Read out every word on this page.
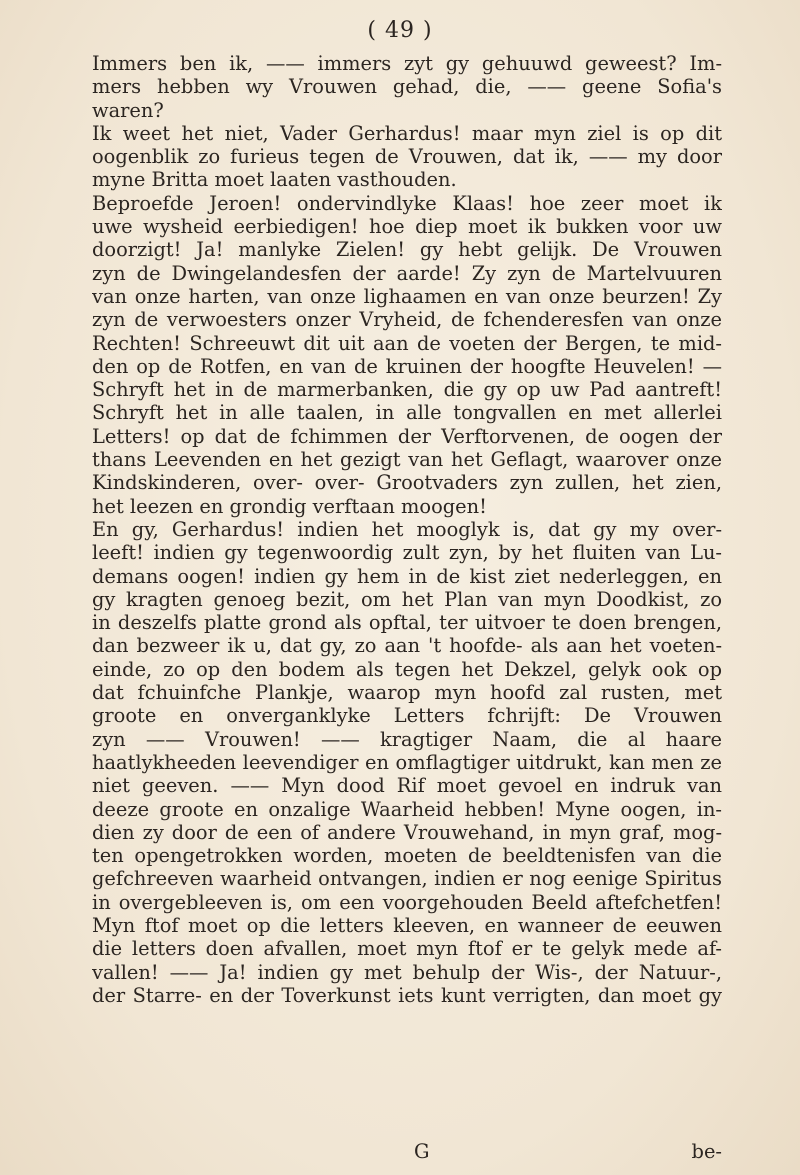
( 49 )
Immers ben ik, —— immers zyt gy gehuuwd geweest? Im-
mers hebben wy Vrouwen gehad, die, —— geene Sofia's
waren?
Ik weet het niet, Vader Gerhardus! maar myn ziel is op dit
oogenblik zo furieus tegen de Vrouwen, dat ik, —— my door
myne Britta moet laaten vasthouden.
Beproefde Jeroen! ondervindlyke Klaas! hoe zeer moet ik
uwe wysheid eerbiedigen! hoe diep moet ik bukken voor uw
doorzigt! Ja! manlyke Zielen! gy hebt gelijk. De Vrouwen
zyn de Dwingelandesfen der aarde! Zy zyn de Martelvuuren
van onze harten, van onze lighaamen en van onze beurzen! Zy
zyn de verwoesters onzer Vryheid, de fchenderesfen van onze
Rechten! Schreeuwt dit uit aan de voeten der Bergen, te mid-
den op de Rotfen, en van de kruinen der hoogfte Heuvelen! —
Schryft het in de marmerbanken, die gy op uw Pad aantreft!
Schryft het in alle taalen, in alle tongvallen en met allerlei
Letters! op dat de fchimmen der Verftorvenen, de oogen der
thans Leevenden en het gezigt van het Geflagt, waarover onze
Kindskinderen, over- over- Grootvaders zyn zullen, het zien,
het leezen en grondig verftaan moogen!
En gy, Gerhardus! indien het mooglyk is, dat gy my over-
leeft! indien gy tegenwoordig zult zyn, by het fluiten van Lu-
demans oogen! indien gy hem in de kist ziet nederleggen, en
gy kragten genoeg bezit, om het Plan van myn Doodkist, zo
in deszelfs platte grond als opftal, ter uitvoer te doen brengen,
dan bezweer ik u, dat gy, zo aan 't hoofde- als aan het voeten-
einde, zo op den bodem als tegen het Dekzel, gelyk ook op
dat fchuinfche Plankje, waarop myn hoofd zal rusten, met
groote en onverganklyke Letters fchrijft: De Vrouwen
zyn —— Vrouwen! —— kragtiger Naam, die al haare
haatlykheeden leevendiger en omflagtiger uitdrukt, kan men ze
niet geeven. —— Myn dood Rif moet gevoel en indruk van
deeze groote en onzalige Waarheid hebben! Myne oogen, in-
dien zy door de een of andere Vrouwehand, in myn graf, mog-
ten opengetrokken worden, moeten de beeldtenisfen van die
gefchreeven waarheid ontvangen, indien er nog eenige Spiritus
in overgebleeven is, om een voorgehouden Beeld aftefchetfen!
Myn ftof moet op die letters kleeven, en wanneer de eeuwen
die letters doen afvallen, moet myn ftof er te gelyk mede af-
vallen! —— Ja! indien gy met behulp der Wis-, der Natuur-,
der Starre- en der Toverkunst iets kunt verrigten, dan moet gy
G	be-
